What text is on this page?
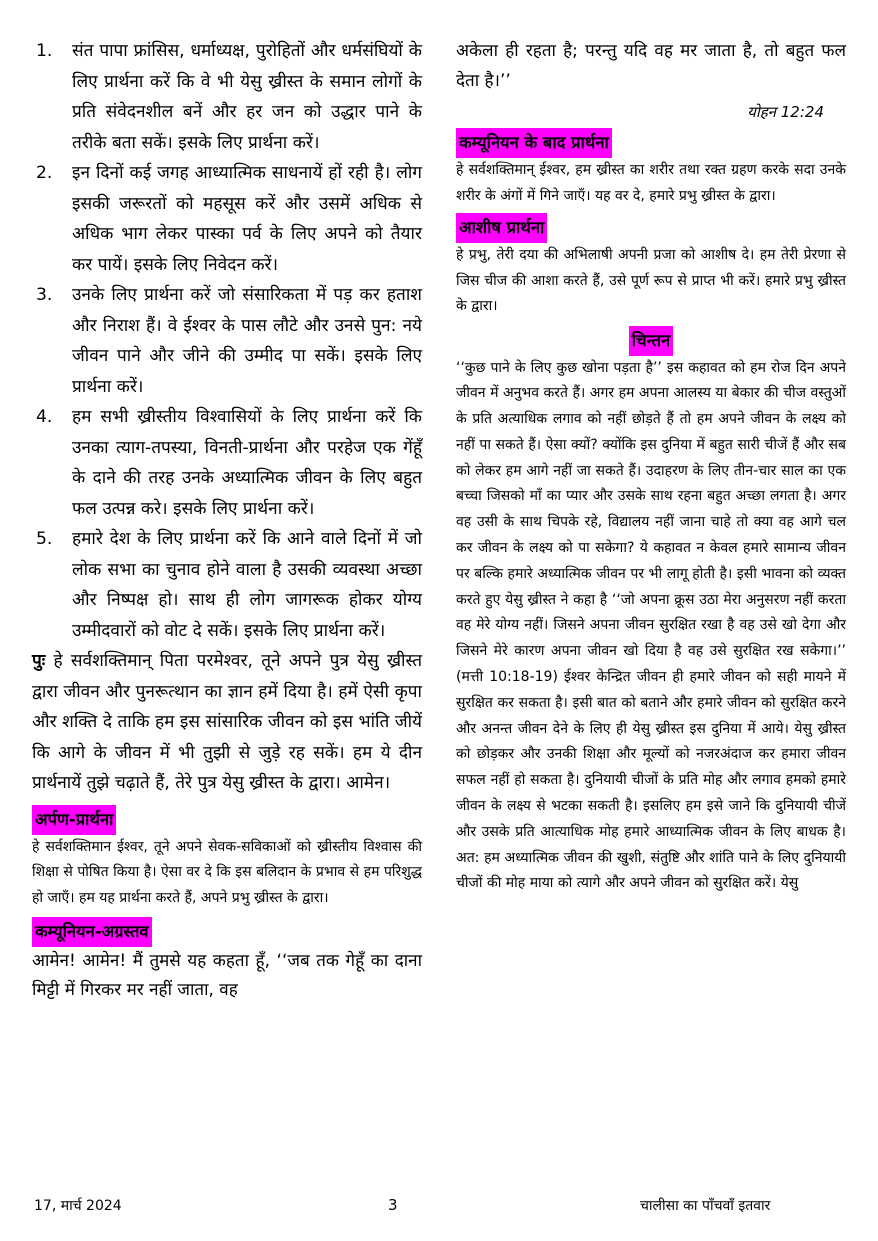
1. संत पापा फ्रांसिस, धर्माध्यक्ष, पुरोहितों और धर्मसंघियों के लिए प्रार्थना करें कि वे भी येसु ख्रीस्त के समान लोगों के प्रति संवेदनशील बनें और हर जन को उद्धार पाने के तरीके बता सकें। इसके लिए प्रार्थना करें।
2. इन दिनों कई जगह आध्यात्मिक साधनायें हों रही है। लोग इसकी जरूरतों को महसूस करें और उसमें अधिक से अधिक भाग लेकर पास्का पर्व के लिए अपने को तैयार कर पायें। इसके लिए निवेदन करें।
3. उनके लिए प्रार्थना करें जो संसारिकता में पड़ कर हताश और निराश हैं। वे ईश्वर के पास लौटे और उनसे पुन: नये जीवन पाने और जीने की उम्मीद पा सकें। इसके लिए प्रार्थना करें।
4. हम सभी ख्रीस्तीय विश्वासियों के लिए प्रार्थना करें कि उनका त्याग-तपस्या, विनती-प्रार्थना और परहेज एक गेंहूँ के दाने की तरह उनके अध्यात्मिक जीवन के लिए बहुत फल उत्पन्न करे। इसके लिए प्रार्थना करें।
5. हमारे देश के लिए प्रार्थना करें कि आने वाले दिनों में जो लोक सभा का चुनाव होने वाला है उसकी व्यवस्था अच्छा और निष्पक्ष हो। साथ ही लोग जागरूक होकर योग्य उम्मीदवारों को वोट दे सकें। इसके लिए प्रार्थना करें।
पुः हे सर्वशक्तिमान् पिता परमेश्वर, तूने अपने पुत्र येसु ख्रीस्त द्वारा जीवन और पुनरूत्थान का ज्ञान हमें दिया है। हमें ऐसी कृपा और शक्ति दे ताकि हम इस सांसारिक जीवन को इस भांति जीयें कि आगे के जीवन में भी तुझी से जुड़े रह सकें। हम ये दीन प्रार्थनायें तुझे चढ़ाते हैं, तेरे पुत्र येसु ख्रीस्त के द्वारा। आमेन।
अर्पण-प्रार्थना
हे सर्वशक्तिमान ईश्वर, तूने अपने सेवक-सविकाओं को ख्रीस्तीय विश्वास की शिक्षा से पोषित किया है। ऐसा वर दे कि इस बलिदान के प्रभाव से हम परिशुद्ध हो जाएँ। हम यह प्रार्थना करते हैं, अपने प्रभु ख्रीस्त के द्वारा।
कम्यूनियन-अग्रस्तव
आमेन! आमेन! मैं तुमसे यह कहता हूँ, ‘‘जब तक गेहूँ का दाना मिट्टी में गिरकर मर नहीं जाता, वह
अकेला ही रहता है; परन्तु यदि वह मर जाता है, तो बहुत फल देता है।’’
योहन 12:24
कम्यूनियन के बाद प्रार्थना
हे सर्वशक्तिमान् ईश्वर, हम ख्रीस्त का शरीर तथा रक्त ग्रहण करके सदा उनके शरीर के अंगों में गिने जाएँ। यह वर दे, हमारे प्रभु ख्रीस्त के द्वारा।
आशीष प्रार्थना
हे प्रभु, तेरी दया की अभिलाषी अपनी प्रजा को आशीष दे। हम तेरी प्रेरणा से जिस चीज की आशा करते हैं, उसे पूर्ण रूप से प्राप्त भी करें। हमारे प्रभु ख्रीस्त के द्वारा।
चिन्तन
‘‘कुछ पाने के लिए कुछ खोना पड़ता है’’ इस कहावत को हम रोज दिन अपने जीवन में अनुभव करते हैं। अगर हम अपना आलस्य या बेकार की चीज वस्तुओं के प्रति अत्याधिक लगाव को नहीं छोड़ते हैं तो हम अपने जीवन के लक्ष्य को नहीं पा सकते हैं। ऐसा क्यों? क्योंकि इस दुनिया में बहुत सारी चीजें हैं और सब को लेकर हम आगे नहीं जा सकते हैं। उदाहरण के लिए तीन-चार साल का एक बच्चा जिसको माँ का प्यार और उसके साथ रहना बहुत अच्छा लगता है। अगर वह उसी के साथ चिपके रहे, विद्यालय नहीं जाना चाहे तो क्या वह आगे चल कर जीवन के लक्ष्य को पा सकेगा? ये कहावत न केवल हमारे सामान्य जीवन पर बल्कि हमारे अध्यात्मिक जीवन पर भी लागू होती है। इसी भावना को व्यक्त करते हुए येसु ख्रीस्त ने कहा है ‘‘जो अपना क्रूस उठा मेरा अनुसरण नहीं करता वह मेरे योग्य नहीं। जिसने अपना जीवन सुरक्षित रखा है वह उसे खो देगा और जिसने मेरे कारण अपना जीवन खो दिया है वह उसे सुरक्षित रख सकेगा।’’ (मत्ती 10:18-19) ईश्वर केन्द्रित जीवन ही हमारे जीवन को सही मायने में सुरक्षित कर सकता है। इसी बात को बताने और हमारे जीवन को सुरक्षित करने और अनन्त जीवन देने के लिए ही येसु ख्रीस्त इस दुनिया में आये। येसु ख्रीस्त को छोड़कर और उनकी शिक्षा और मूल्यों को नजरअंदाज कर हमारा जीवन सफल नहीं हो सकता है। दुनियायी चीजों के प्रति मोह और लगाव हमको हमारे जीवन के लक्ष्य से भटका सकती है। इसलिए हम इसे जाने कि दुनियायी चीजें और उसके प्रति आत्याधिक मोह हमारे आध्यात्मिक जीवन के लिए बाधक है। अत: हम अध्यात्मिक जीवन की खुशी, संतुष्टि और शांति पाने के लिए दुनियायी चीजों की मोह माया को त्यागे और अपने जीवन को सुरक्षित करें। येसु
17, मार्च 2024	3	चालीसा का पाँचवाँ इतवार
